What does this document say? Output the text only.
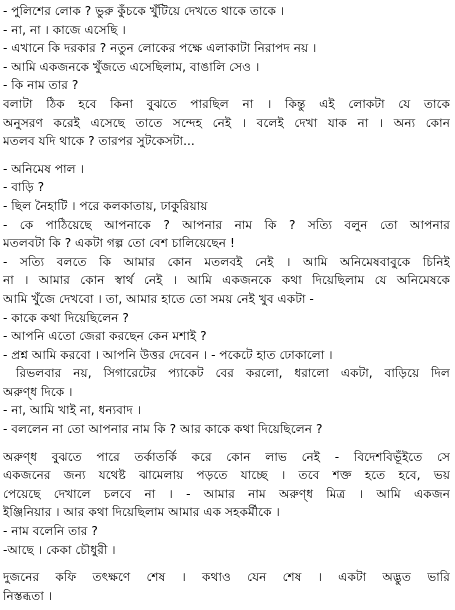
- পুলিশের লোক ? ভুরু কুঁচকে খুঁটিয়ে দেখতে থাকে তাকে ।
- না, না । কাজে এসেছি ।
- এখানে কি দরকার ? নতুন লোকের পক্ষে এলাকাটা নিরাপদ নয় ।
- আমি একজনকে খুঁজতে এসেছিলাম, বাঙালি সেও ।
- কি নাম তার ?
বলাটা ঠিক হবে কিনা বুঝতে পারছিল না । কিন্তু এই লোকটা যে তাকে
অনুসরণ করেই এসেছে তাতে সন্দেহ নেই । বলেই দেখা যাক না । অন্য কোন
মতলব যদি থাকে ? তারপর সুটকেসটা...
- অনিমেষ পাল ।
- বাড়ি ?
- ছিল নৈহাটি । পরে কলকাতায়, ঢাকুরিয়ায়
- কে পাঠিয়েছে আপনাকে ? আপনার নাম কি ? সত্যি বলুন তো আপনার
মতলবটা কি ? একটা গল্প তো বেশ চালিয়েছেন !
- সত্যি বলতে কি আমার কোন মতলবই নেই । আমি অনিমেষবাবুকে চিনিই
না । আমার কোন স্বার্থ নেই । আমি একজনকে কথা দিয়েছিলাম যে অনিমেষকে
আমি খুঁজে দেখবো । তা, আমার হাতে তো সময় নেই খুব একটা -
- কাকে কথা দিয়েছিলেন ?
- আপনি এতো জেরা করছেন কেন মশাই ?
- প্রশ্ন আমি করবো । আপনি উত্তর দেবেন । - পকেটে হাত ঢোকালো ।
রিভলবার নয়, সিগারেটের প্যাকেট বের করলো, ধরালো একটা, বাড়িয়ে দিল
অরুণ্ধ দিকে ।
- না, আমি খাই না, ধন্যবাদ ।
- বললেন না তো আপনার নাম কি ? আর কাকে কথা দিয়েছিলেন ?
অরুণ্ধ বুঝতে পারে তর্কাতর্কি করে কোন লাভ নেই - বিদেশবিভূঁইতে সে
একজনের জন্য যথেষ্ট ঝামেলায় পড়তে যাচ্ছে । তবে শক্ত হতে হবে, ভয়
পেয়েছে দেখালে চলবে না । - আমার নাম অরুণ্ধ মিত্র । আমি একজন
ইঞ্জিনিয়ার । আর কথা দিয়েছিলাম আমার এক সহকর্মীকে ।
- নাম বলেনি তার ?
-আছে । কেকা চৌধুরী ।
দুজনের কফি তৎক্ষণে শেষ । কথাও যেন শেষ । একটা অদ্ভুত ভারি
নিস্তব্ধতা ।
